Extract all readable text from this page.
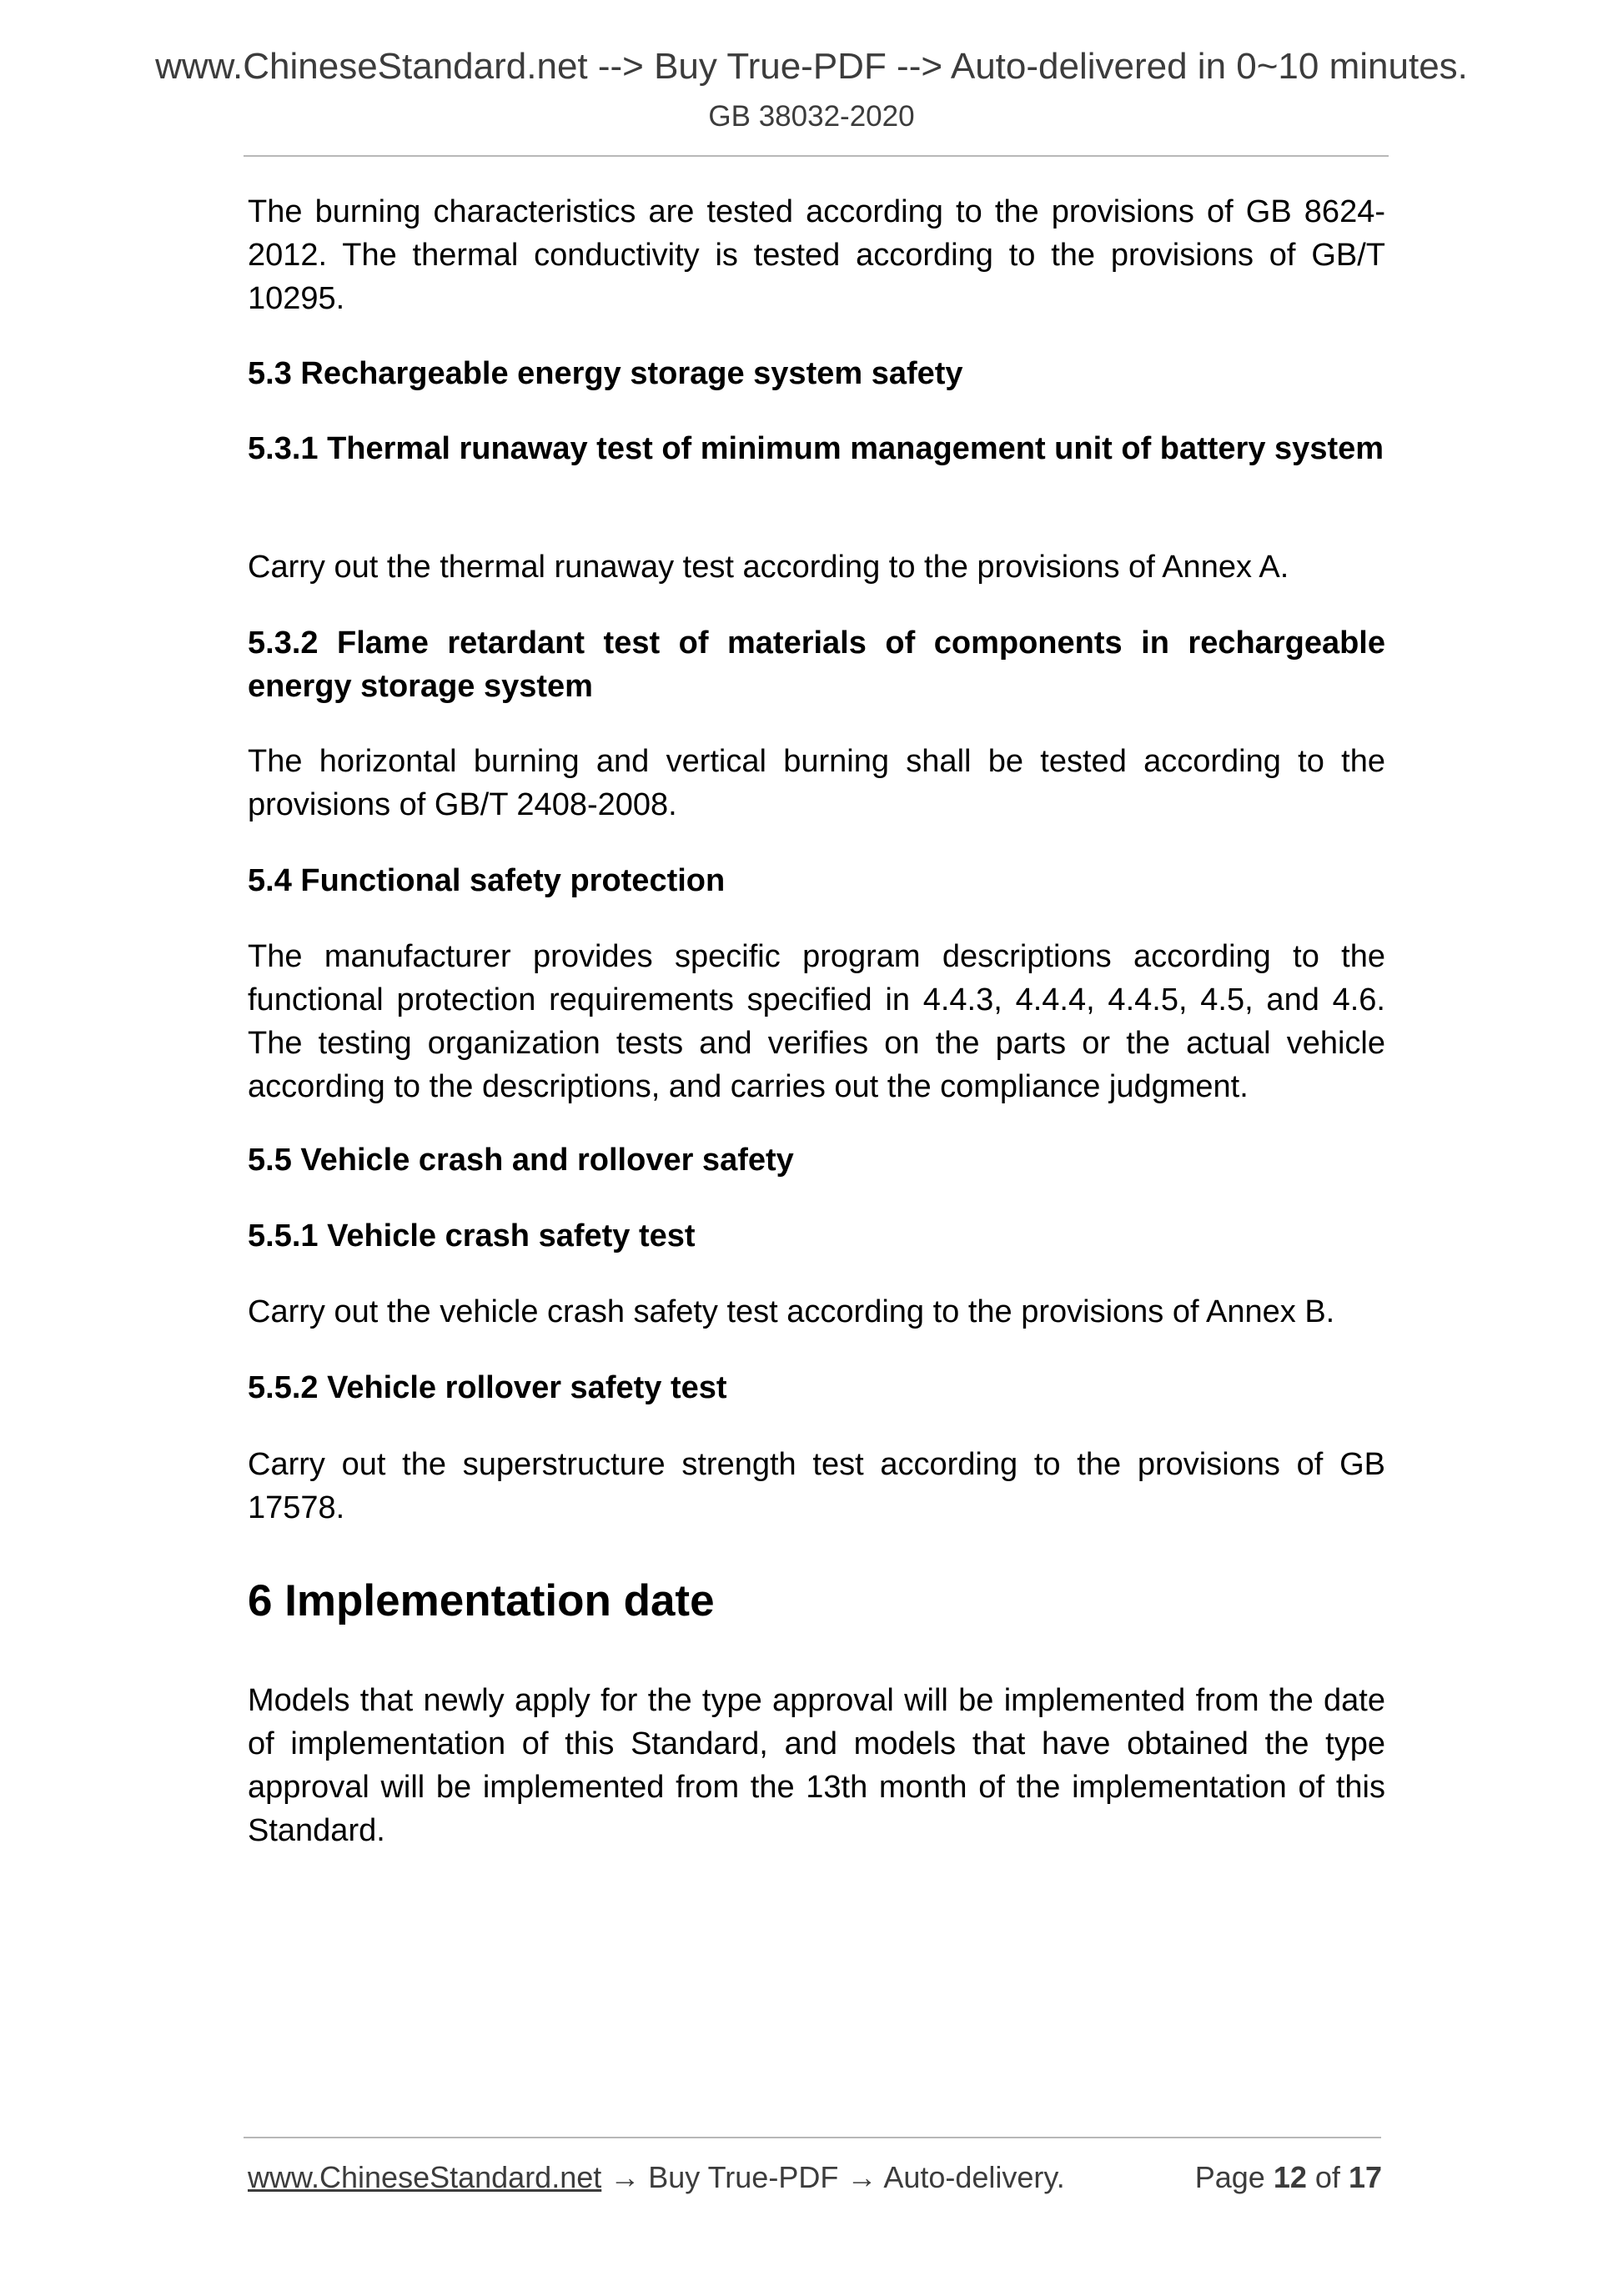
www.ChineseStandard.net --> Buy True-PDF --> Auto-delivered in 0~10 minutes.
GB 38032-2020
The burning characteristics are tested according to the provisions of GB 8624-2012. The thermal conductivity is tested according to the provisions of GB/T 10295.
5.3 Rechargeable energy storage system safety
5.3.1 Thermal runaway test of minimum management unit of battery system
Carry out the thermal runaway test according to the provisions of Annex A.
5.3.2 Flame retardant test of materials of components in rechargeable energy storage system
The horizontal burning and vertical burning shall be tested according to the provisions of GB/T 2408-2008.
5.4 Functional safety protection
The manufacturer provides specific program descriptions according to the functional protection requirements specified in 4.4.3, 4.4.4, 4.4.5, 4.5, and 4.6. The testing organization tests and verifies on the parts or the actual vehicle according to the descriptions, and carries out the compliance judgment.
5.5 Vehicle crash and rollover safety
5.5.1 Vehicle crash safety test
Carry out the vehicle crash safety test according to the provisions of Annex B.
5.5.2 Vehicle rollover safety test
Carry out the superstructure strength test according to the provisions of GB 17578.
6 Implementation date
Models that newly apply for the type approval will be implemented from the date of implementation of this Standard, and models that have obtained the type approval will be implemented from the 13th month of the implementation of this Standard.
www.ChineseStandard.net → Buy True-PDF → Auto-delivery.	Page 12 of 17
